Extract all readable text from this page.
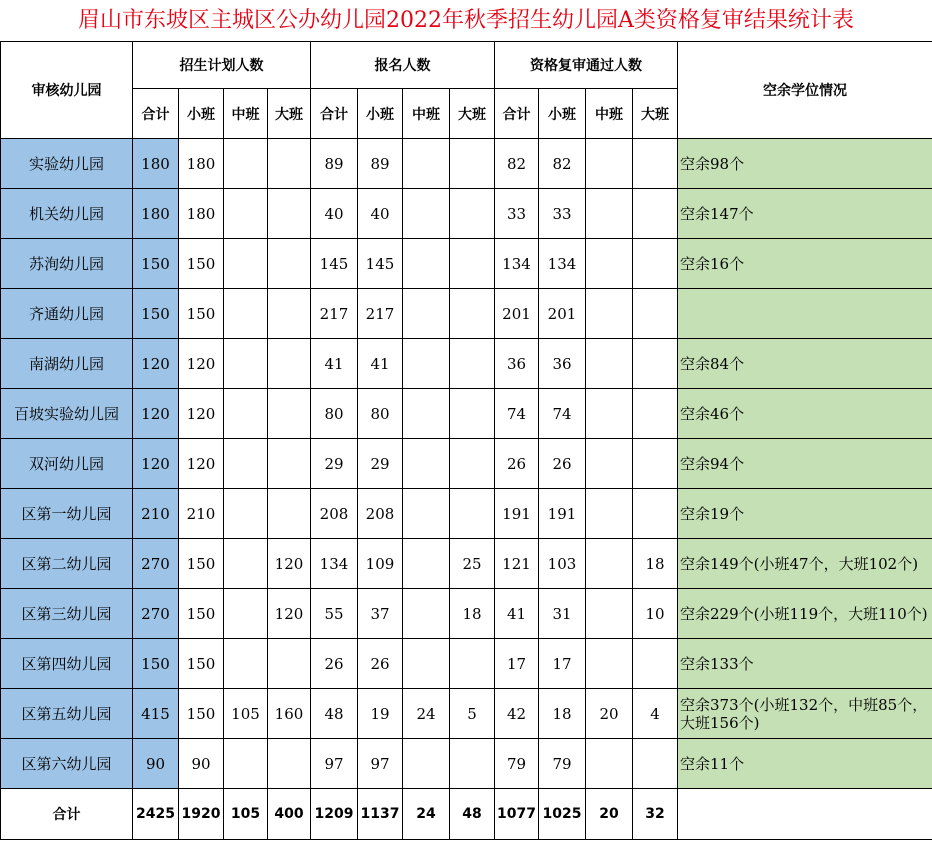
眉山市东坡区主城区公办幼儿园2022年秋季招生幼儿园A类资格复审结果统计表
审核幼儿园	招生计划人数				报名人数				资格复审通过人数				空余学位情况
	合计	小班	中班	大班	合计	小班	中班	大班	合计	小班	中班	大班	
实验幼儿园	180	180			89	89			82	82			空余98个
机关幼儿园	180	180			40	40			33	33			空余147个
苏洵幼儿园	150	150			145	145			134	134			空余16个
齐通幼儿园	150	150			217	217			201	201			
南湖幼儿园	120	120			41	41			36	36			空余84个
百坡实验幼儿园	120	120			80	80			74	74			空余46个
双河幼儿园	120	120			29	29			26	26			空余94个
区第一幼儿园	210	210			208	208			191	191			空余19个
区第二幼儿园	270	150		120	134	109		25	121	103		18	空余149个(小班47个，大班102个)
区第三幼儿园	270	150		120	55	37		18	41	31		10	空余229个(小班119个，大班110个)
区第四幼儿园	150	150			26	26			17	17			空余133个
区第五幼儿园	415	150	105	160	48	19	24	5	42	18	20	4	空余373个(小班132个，中班85个，大班156个)
区第六幼儿园	90	90			97	97			79	79			空余11个
合计	2425	1920	105	400	1209	1137	24	48	1077	1025	20	32	
